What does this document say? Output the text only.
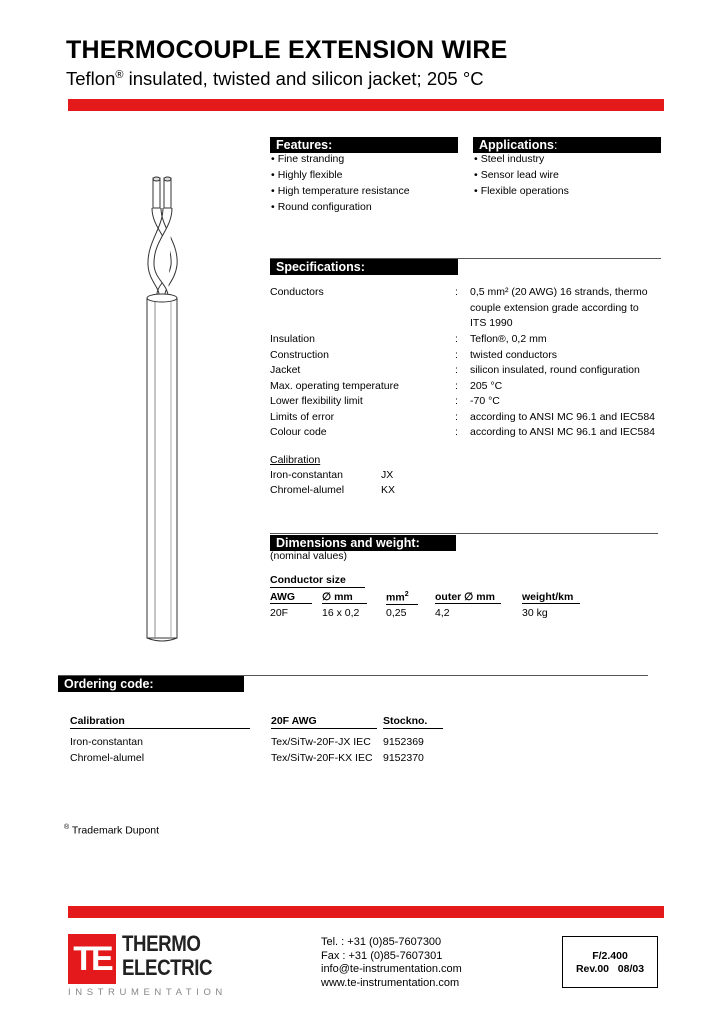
THERMOCOUPLE EXTENSION WIRE
Teflon® insulated, twisted and silicon jacket; 205 °C
Features:
• Fine stranding
• Highly flexible
• High temperature resistance
• Round configuration
Applications:
• Steel industry
• Sensor lead wire
• Flexible operations
Specifications:
Conductors	: 0,5 mm² (20 AWG) 16 strands, thermo couple extension grade according to ITS 1990
Insulation	: Teflon®, 0,2 mm
Construction	: twisted conductors
Jacket	: silicon insulated, round configuration
Max. operating temperature	: 205 °C
Lower flexibility limit	: -70 °C
Limits of error	: according to ANSI MC 96.1 and IEC584
Colour code	: according to ANSI MC 96.1 and IEC584
Calibration
Iron-constantan	JX
Chromel-alumel	KX
Dimensions and weight:
(nominal values)
Conductor size
AWG	∅ mm	$mm^2$	outer ∅ mm	weight/km
20F	16 x 0,2	0,25	4,2	30 kg
Ordering code:
Calibration	20F AWG	Stockno.
Iron-constantan	Tex/SiTw-20F-JX IEC 9152369
Chromel-alumel	Tex/SiTw-20F-KX IEC 9152370
® Trademark Dupont
TE THERMO
ELECTRIC
INSTRUMENTATION
Tel. : +31 (0)85-7607300
Fax : +31 (0)85-7607301
info@te-instrumentation.com
www.te-instrumentation.com
F/2.400
Rev.00   08/03
